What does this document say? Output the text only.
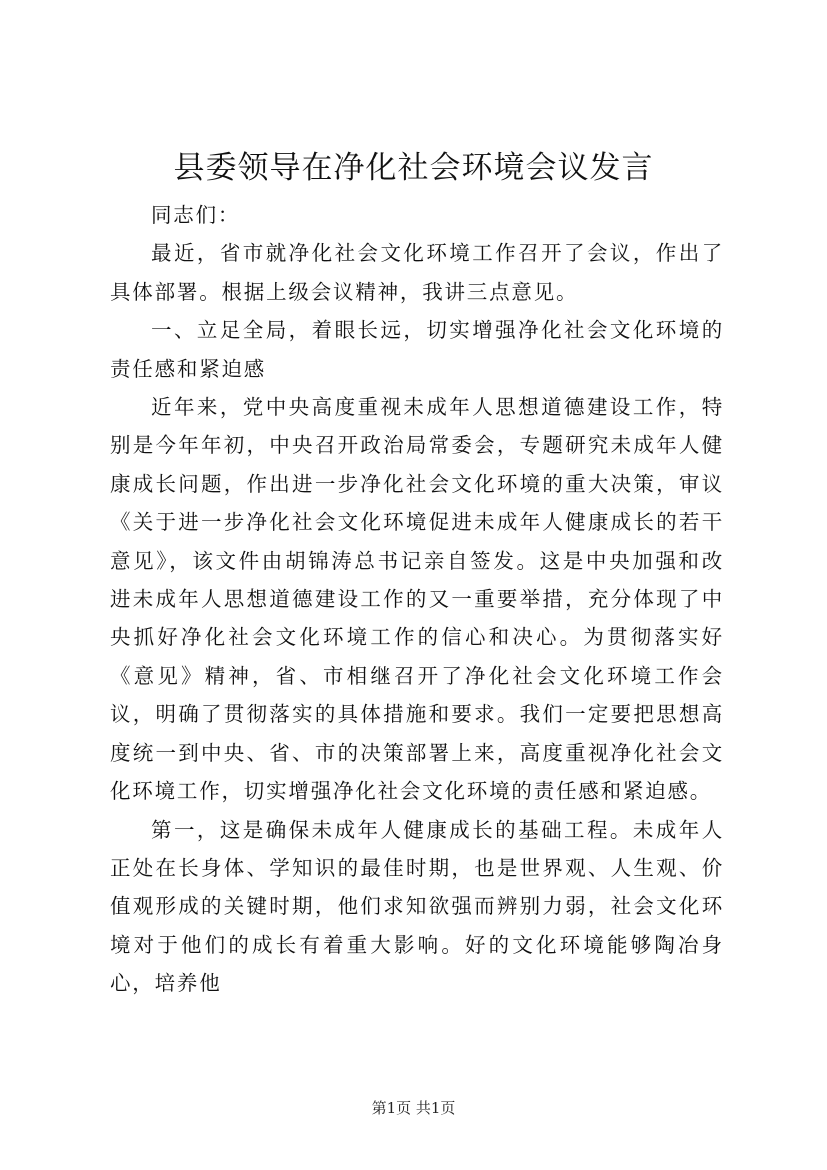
县委领导在净化社会环境会议发言

同志们：

最近，省市就净化社会文化环境工作召开了会议，作出了具体部署。根据上级会议精神，我讲三点意见。

一、立足全局，着眼长远，切实增强净化社会文化环境的责任感和紧迫感

近年来，党中央高度重视未成年人思想道德建设工作，特别是今年年初，中央召开政治局常委会，专题研究未成年人健康成长问题，作出进一步净化社会文化环境的重大决策，审议《关于进一步净化社会文化环境促进未成年人健康成长的若干意见》，该文件由胡锦涛总书记亲自签发。这是中央加强和改进未成年人思想道德建设工作的又一重要举措，充分体现了中央抓好净化社会文化环境工作的信心和决心。为贯彻落实好《意见》精神，省、市相继召开了净化社会文化环境工作会议，明确了贯彻落实的具体措施和要求。我们一定要把思想高度统一到中央、省、市的决策部署上来，高度重视净化社会文化环境工作，切实增强净化社会文化环境的责任感和紧迫感。

第一，这是确保未成年人健康成长的基础工程。未成年人正处在长身体、学知识的最佳时期，也是世界观、人生观、价值观形成的关键时期，他们求知欲强而辨别力弱，社会文化环境对于他们的成长有着重大影响。好的文化环境能够陶冶身心，培养他

第1页 共1页
